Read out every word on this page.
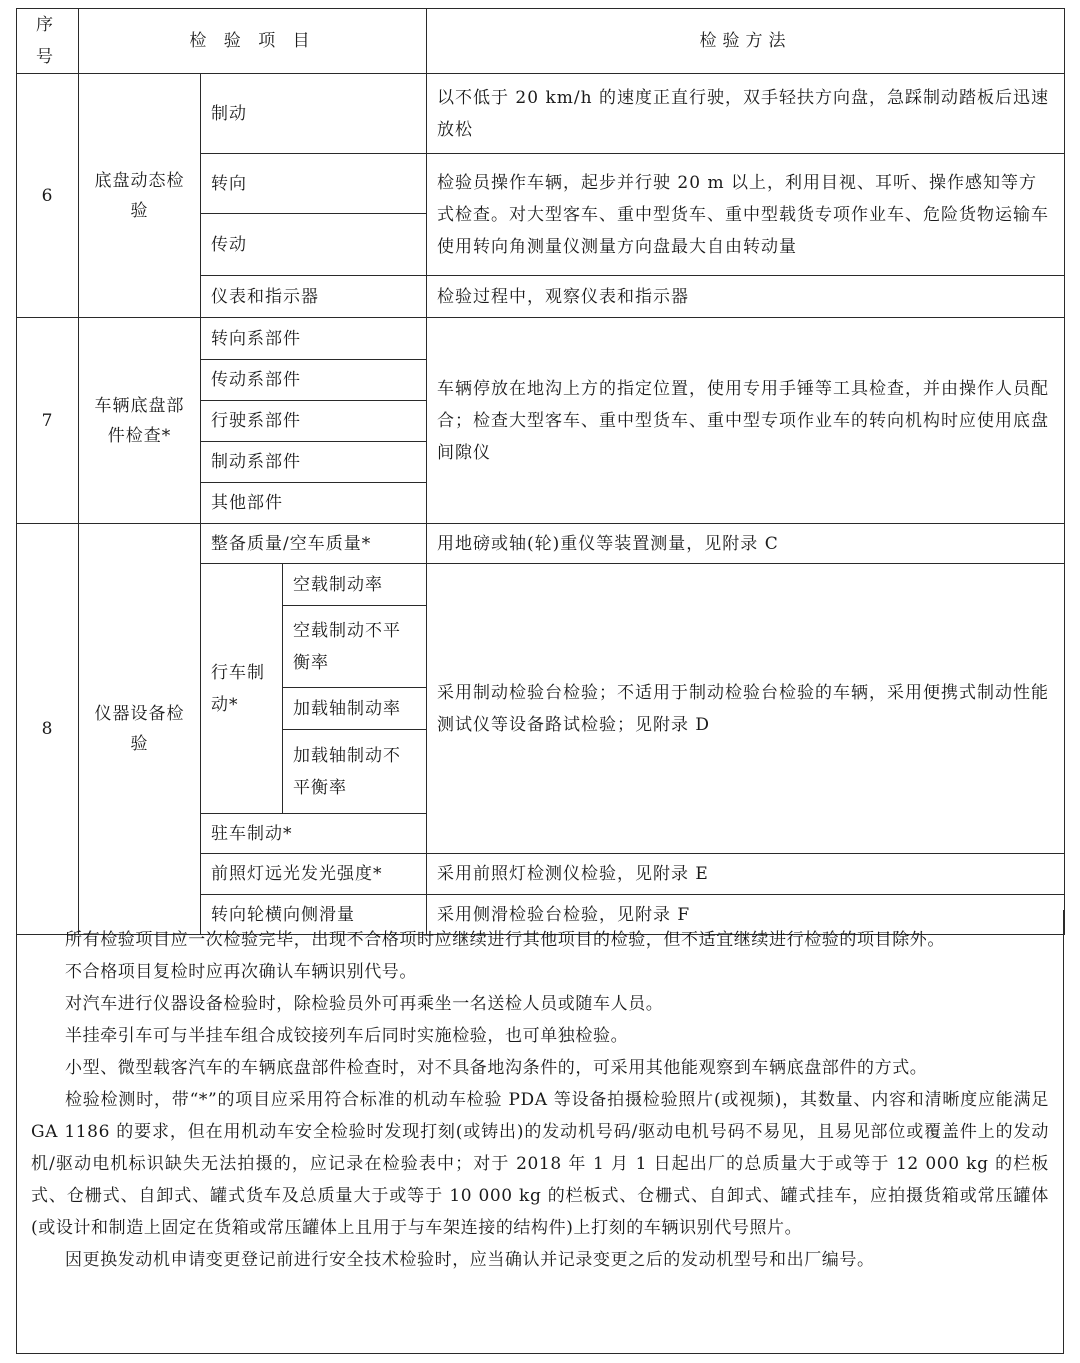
序号	检 验 项 目			检验方法
6	底盘动态检验	制动		以不低于 20 km/h 的速度正直行驶，双手轻扶方向盘，急踩制动踏板后迅速放松
		转向		检验员操作车辆，起步并行驶 20 m 以上，利用目视、耳听、操作感知等方式检查。对大型客车、重中型货车、重中型载货专项作业车、危险货物运输车使用转向角测量仪测量方向盘最大自由转动量
		传动		
		仪表和指示器		检验过程中，观察仪表和指示器
7	车辆底盘部件检查*	转向系部件		车辆停放在地沟上方的指定位置，使用专用手锤等工具检查，并由操作人员配合；检查大型客车、重中型货车、重中型专项作业车的转向机构时应使用底盘间隙仪
		传动系部件		
		行驶系部件		
		制动系部件		
		其他部件		
8	仪器设备检验	整备质量/空车质量*		用地磅或轴(轮)重仪等装置测量，见附录 C
		行车制动*	空载制动率	采用制动检验台检验；不适用于制动检验台检验的车辆，采用便携式制动性能测试仪等设备路试检验；见附录 D
			空载制动不平衡率	
			加载轴制动率	
			加载轴制动不平衡率	
		驻车制动*		
		前照灯远光发光强度*		采用前照灯检测仪检验，见附录 E
		转向轮横向侧滑量		采用侧滑检验台检验，见附录 F

所有检验项目应一次检验完毕，出现不合格项时应继续进行其他项目的检验，但不适宜继续进行检验的项目除外。

不合格项目复检时应再次确认车辆识别代号。

对汽车进行仪器设备检验时，除检验员外可再乘坐一名送检人员或随车人员。

半挂牵引车可与半挂车组合成铰接列车后同时实施检验，也可单独检验。

小型、微型载客汽车的车辆底盘部件检查时，对不具备地沟条件的，可采用其他能观察到车辆底盘部件的方式。

检验检测时，带“*”的项目应采用符合标准的机动车检验 PDA 等设备拍摄检验照片(或视频)，其数量、内容和清晰度应能满足 GA 1186 的要求，但在用机动车安全检验时发现打刻(或铸出)的发动机号码/驱动电机号码不易见，且易见部位或覆盖件上的发动机/驱动电机标识缺失无法拍摄的，应记录在检验表中；对于 2018 年 1 月 1 日起出厂的总质量大于或等于 12 000 kg 的栏板式、仓栅式、自卸式、罐式货车及总质量大于或等于 10 000 kg 的栏板式、仓栅式、自卸式、罐式挂车，应拍摄货箱或常压罐体(或设计和制造上固定在货箱或常压罐体上且用于与车架连接的结构件)上打刻的车辆识别代号照片。

因更换发动机申请变更登记前进行安全技术检验时，应当确认并记录变更之后的发动机型号和出厂编号。
